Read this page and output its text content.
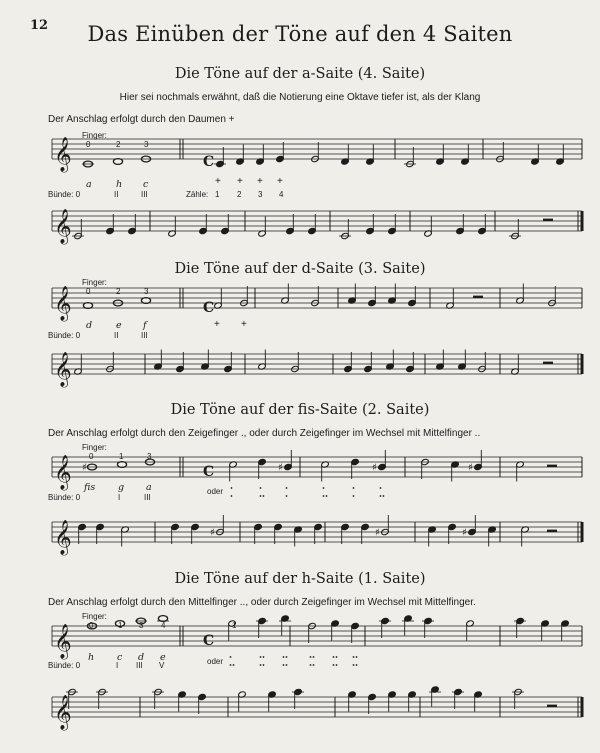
12	Das Einüben der Töne auf den 4 Saiten
Die Töne auf der a-Saite (4. Saite)
Hier sei nochmals erwähnt, daß die Notierung eine Oktave tiefer ist, als der Klang
Der Anschlag erfolgt durch den Daumen +
Die Töne auf der d-Saite (3. Saite)
Die Töne auf der fis-Saite (2. Saite)
Der Anschlag erfolgt durch den Zeigefinger ., oder durch Zeigefinger im Wechsel mit Mittelfinger ..
Die Töne auf der h-Saite (1. Saite)
Der Anschlag erfolgt durch den Mittelfinger .., oder durch Zeigefinger im Wechsel mit Mittelfinger.
𝄞
+ + + +
𝄞
𝄞
+ +
𝄞
𝄞 ♯	♯	♯	♯
𝄞	♯	♯	♯
𝄞
𝄞
Finger:
0	2	3
a	h c
Bünde: 0	II	III	Zähle: 1 2 3 4
C
Finger:
0	2	3
d	e f
Bünde: 0	II	III
C
Finger:
0	1	3
fis g a
Bünde: 0	I	III
oder
C
Finger:
0	1 3 4
h c d e
Bünde: 0	I III V	oder
C
1
